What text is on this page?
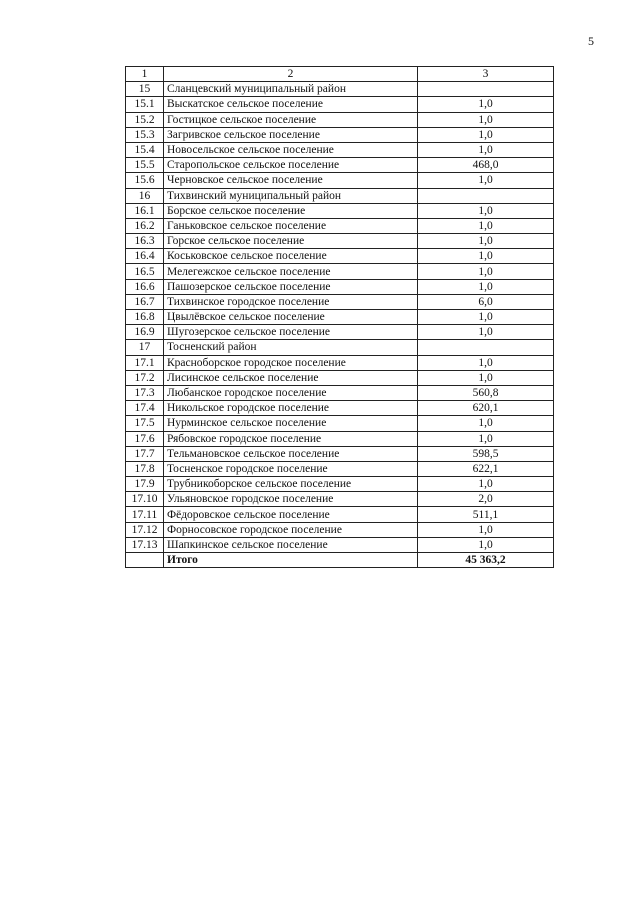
5
1	2	3
15	Сланцевский муниципальный район	
15.1	Выскатское сельское поселение	1,0
15.2	Гостицкое сельское поселение	1,0
15.3	Загривское сельское поселение	1,0
15.4	Новосельское сельское поселение	1,0
15.5	Старопольское сельское поселение	468,0
15.6	Черновское сельское поселение	1,0
16	Тихвинский муниципальный район	
16.1	Борское сельское поселение	1,0
16.2	Ганьковское сельское поселение	1,0
16.3	Горское сельское поселение	1,0
16.4	Коськовское сельское поселение	1,0
16.5	Мелегежское сельское поселение	1,0
16.6	Пашозерское сельское поселение	1,0
16.7	Тихвинское городское поселение	6,0
16.8	Цвылёвское сельское поселение	1,0
16.9	Шугозерское сельское поселение	1,0
17	Тосненский район	
17.1	Красноборское городское поселение	1,0
17.2	Лисинское сельское поселение	1,0
17.3	Любанское городское поселение	560,8
17.4	Никольское городское поселение	620,1
17.5	Нурминское сельское поселение	1,0
17.6	Рябовское городское поселение	1,0
17.7	Тельмановское сельское поселение	598,5
17.8	Тосненское городское поселение	622,1
17.9	Трубникоборское сельское поселение	1,0
17.10	Ульяновское городское поселение	2,0
17.11	Фёдоровское сельское поселение	511,1
17.12	Форносовское городское поселение	1,0
17.13	Шапкинское сельское поселение	1,0
	Итого	45 363,2
